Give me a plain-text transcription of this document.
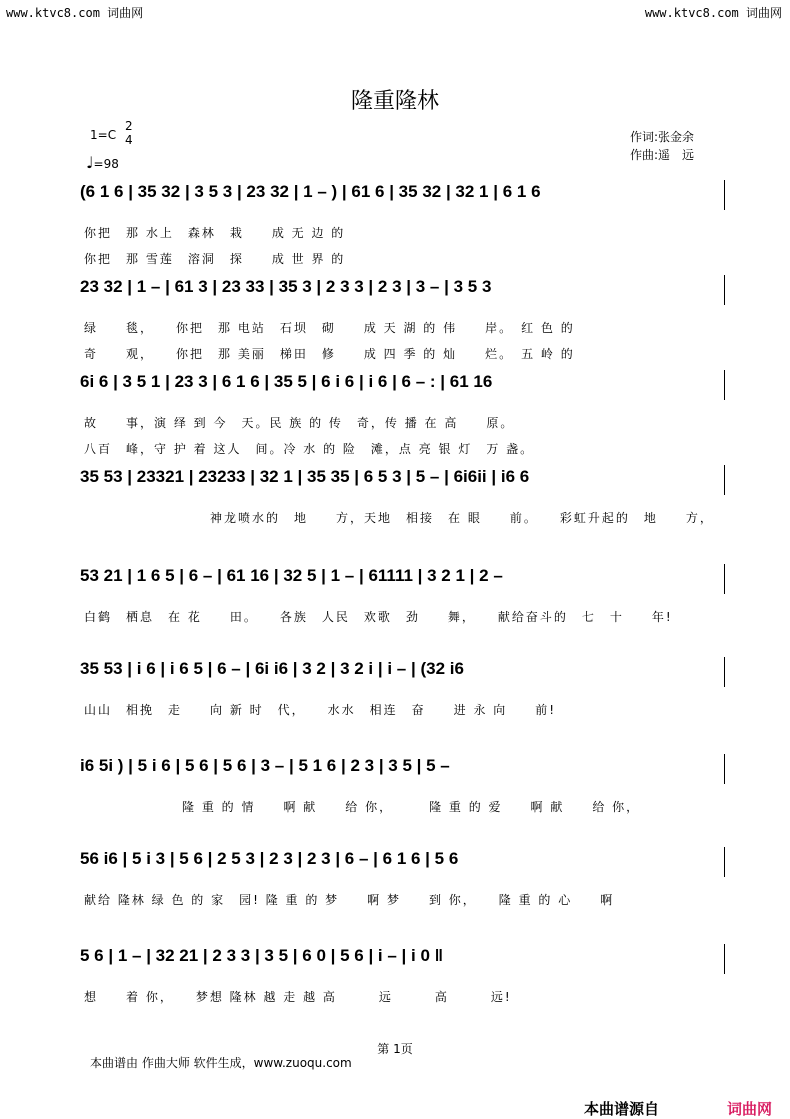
www.ktvc8.com 词曲网	www.ktvc8.com 词曲网
隆重隆林
1=C
2
4
♩=98
作词:张金余
作曲:遥　远
(6 1 6 | 35 32 | 3 5 3 | 23 32 | 1 – ) | 61 6 | 35 32 | 32 1 | 6 1 6
你把　那 水上　森林　栽　　成 无 边 的
你把　那 雪莲　溶洞　探　　成 世 界 的
23 32 | 1 – | 61 3 | 23 33 | 35 3 | 2 3 3 | 2 3 | 3 – | 3 5 3
绿　　毯，　　你把　那 电站　石坝　砌　　成 天 湖 的 伟　　岸。　红 色 的
奇　　观，　　你把　那 美丽　梯田　修　　成 四 季 的 灿　　烂。　五 岭 的
6i 6 | 3 5 1 | 23 3 | 6 1 6 | 35 5 | 6 i 6 | i 6 | 6 – : | 61 16
故　　事，演 绎 到 今　天。民 族 的 传　奇，传 播 在 高　　原。
八百　峰，守 护 着 这人　间。冷 水 的 险　滩，点 亮 银 灯　万 盏。
35 53 | 23321 | 23233 | 32 1 | 35 35 | 6 5 3 | 5 – | 6i6ii | i6 6
　　　　　　　　　神龙喷水的　地　　方，天地　相接　在 眼　　前。　　彩虹升起的　地　　方，
53 21 | 1 6 5 | 6 – | 61 16 | 32 5 | 1 – | 61111 | 3 2 1 | 2 –
白鹤　栖息　在 花　　田。　　各族　人民　欢歌　劲　　舞，　　献给奋斗的　七　十　　年!
35 53 | i 6 | i 6 5 | 6 – | 6i i6 | 3 2 | 3 2 i | i – | (32 i6
山山　相挽　走　　向 新 时　代，　　水水　相连　奋　　进 永 向　　前!
i6 5i ) | 5 i 6 | 5 6 | 5 6 | 3 – | 5 1 6 | 2 3 | 3 5 | 5 –
　　　　　　　隆 重 的 情　　啊 献　　给 你，　　　隆 重 的 爱　　啊 献　　给 你，
56 i6 | 5 i 3 | 5 6 | 2 5 3 | 2 3 | 2 3 | 6 – | 6 1 6 | 5 6
献给 隆林 绿 色 的 家　园! 隆 重 的 梦　　啊 梦　　到 你，　　隆 重 的 心　　啊
5 6 | 1 – | 32 21 | 2 3 3 | 3 5 | 6 0 | 5 6 | i – | i 0 ‖
想　　着 你，　　梦想 隆林 越 走 越 高　　　远　　　高　　　远!
第 1页
本曲谱由 作曲大师 软件生成，www.zuoqu.com
本曲谱源自	词曲网
